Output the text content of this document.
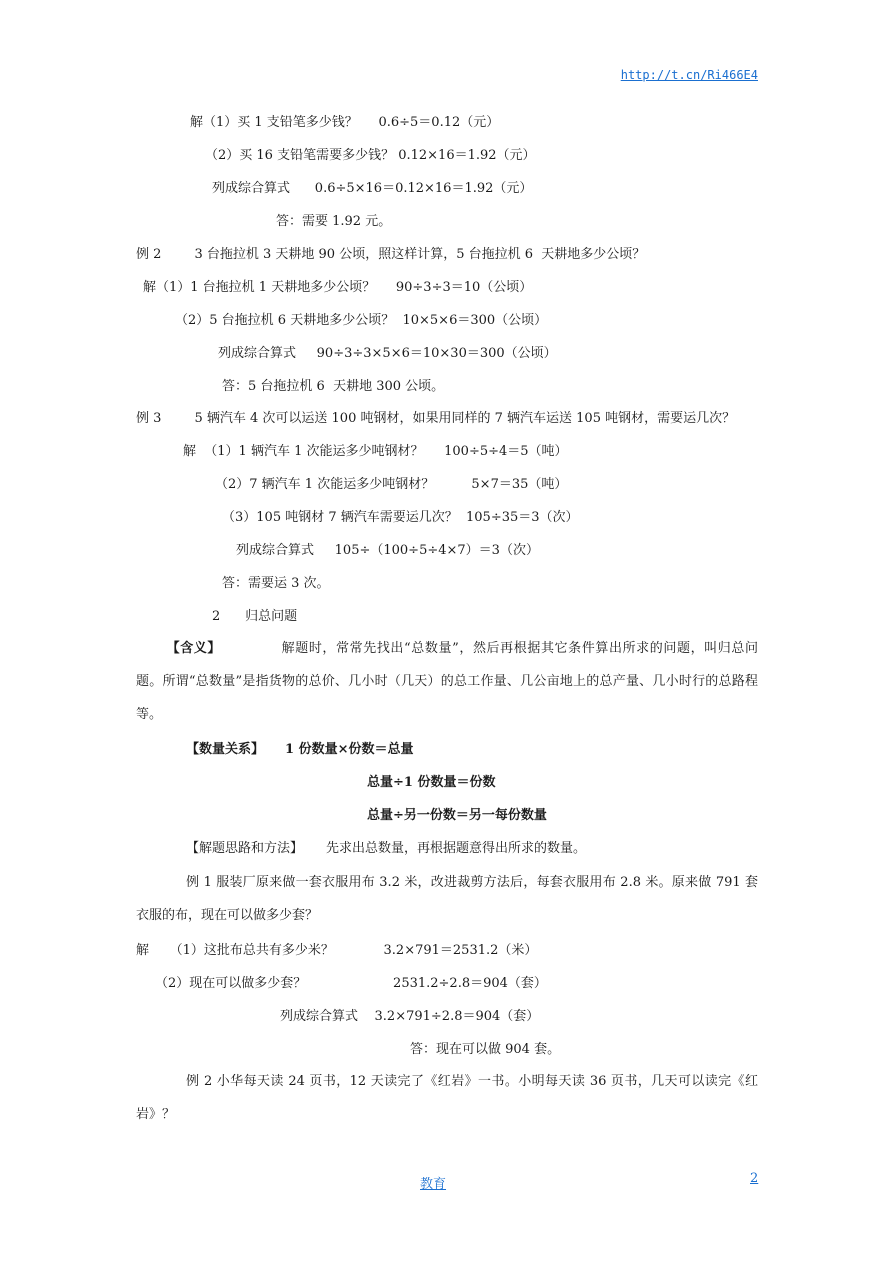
http://t.cn/Ri466E4
解（1）买 1 支铅笔多少钱？     0.6÷5＝0.12（元）
（2）买 16 支铅笔需要多少钱？ 0.12×16＝1.92（元）
列成综合算式      0.6÷5×16＝0.12×16＝1.92（元）
答：需要 1.92 元。
例 2        3 台拖拉机 3 天耕地 90 公顷，照这样计算，5 台拖拉机 6  天耕地多少公顷？
解（1）1 台拖拉机 1 天耕地多少公顷？     90÷3÷3＝10（公顷）
（2）5 台拖拉机 6 天耕地多少公顷？  10×5×6＝300（公顷）
列成综合算式     90÷3÷3×5×6＝10×30＝300（公顷）
答：5 台拖拉机 6  天耕地 300 公顷。
例 3        5 辆汽车 4 次可以运送 100 吨钢材，如果用同样的 7 辆汽车运送 105 吨钢材，需要运几次？
解  （1）1 辆汽车 1 次能运多少吨钢材？     100÷5÷4＝5（吨）
（2）7 辆汽车 1 次能运多少吨钢材？         5×7＝35（吨）
（3）105 吨钢材 7 辆汽车需要运几次？  105÷35＝3（次）
列成综合算式     105÷（100÷5÷4×7）＝3（次）
答：需要运 3 次。
2      归总问题
【含义】	解题时，常常先找出“总数量”，然后再根据其它条件算出所求的问题，叫归总问题。所谓“总数量”是指货物的总价、几小时（几天）的总工作量、几公亩地上的总产量、几小时行的总路程等。
【数量关系】 1 份数量×份数＝总量
总量÷1 份数量＝份数
总量÷另一份数＝另一每份数量
【解题思路和方法】 先求出总数量，再根据题意得出所求的数量。
例 1 服装厂原来做一套衣服用布 3.2 米，改进裁剪方法后，每套衣服用布 2.8 米。原来做 791 套衣服的布，现在可以做多少套？
解     （1）这批布总共有多少米？            3.2×791＝2531.2（米）
（2）现在可以做多少套？                     2531.2÷2.8＝904（套）
列成综合算式    3.2×791÷2.8＝904（套）
答：现在可以做 904 套。
例 2 小华每天读 24 页书，12 天读完了《红岩》一书。小明每天读 36 页书，几天可以读完《红岩》？
教育	2
